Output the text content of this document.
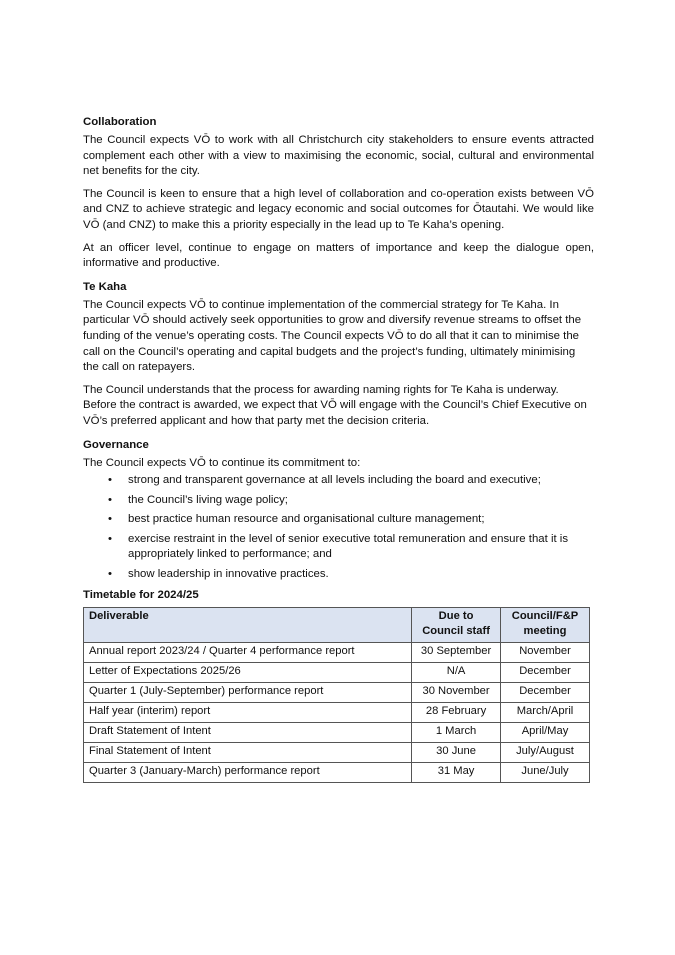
Collaboration

The Council expects VŌ to work with all Christchurch city stakeholders to ensure events attracted complement each other with a view to maximising the economic, social, cultural and environmental net benefits for the city.

The Council is keen to ensure that a high level of collaboration and co-operation exists between VŌ and CNZ to achieve strategic and legacy economic and social outcomes for Ōtautahi. We would like VŌ (and CNZ) to make this a priority especially in the lead up to Te Kaha’s opening.

At an officer level, continue to engage on matters of importance and keep the dialogue open, informative and productive.

Te Kaha

The Council expects VŌ to continue implementation of the commercial strategy for Te Kaha. In particular VŌ should actively seek opportunities to grow and diversify revenue streams to offset the funding of the venue’s operating costs. The Council expects VŌ to do all that it can to minimise the call on the Council’s operating and capital budgets and the project’s funding, ultimately minimising the call on ratepayers.

The Council understands that the process for awarding naming rights for Te Kaha is underway. Before the contract is awarded, we expect that VŌ will engage with the Council’s Chief Executive on VŌ’s preferred applicant and how that party met the decision criteria.

Governance

The Council expects VŌ to continue its commitment to:

• strong and transparent governance at all levels including the board and executive;
• the Council’s living wage policy;
• best practice human resource and organisational culture management;
• exercise restraint in the level of senior executive total remuneration and ensure that it is appropriately linked to performance; and
• show leadership in innovative practices.
Timetable for 2024/25
Deliverable	Due to Council staff	Council/F&P meeting
Annual report 2023/24 / Quarter 4 performance report	30 September	November
Letter of Expectations 2025/26	N/A	December
Quarter 1 (July-September) performance report	30 November	December
Half year (interim) report	28 February	March/April
Draft Statement of Intent	1 March	April/May
Final Statement of Intent	30 June	July/August
Quarter 3 (January-March) performance report	31 May	June/July
